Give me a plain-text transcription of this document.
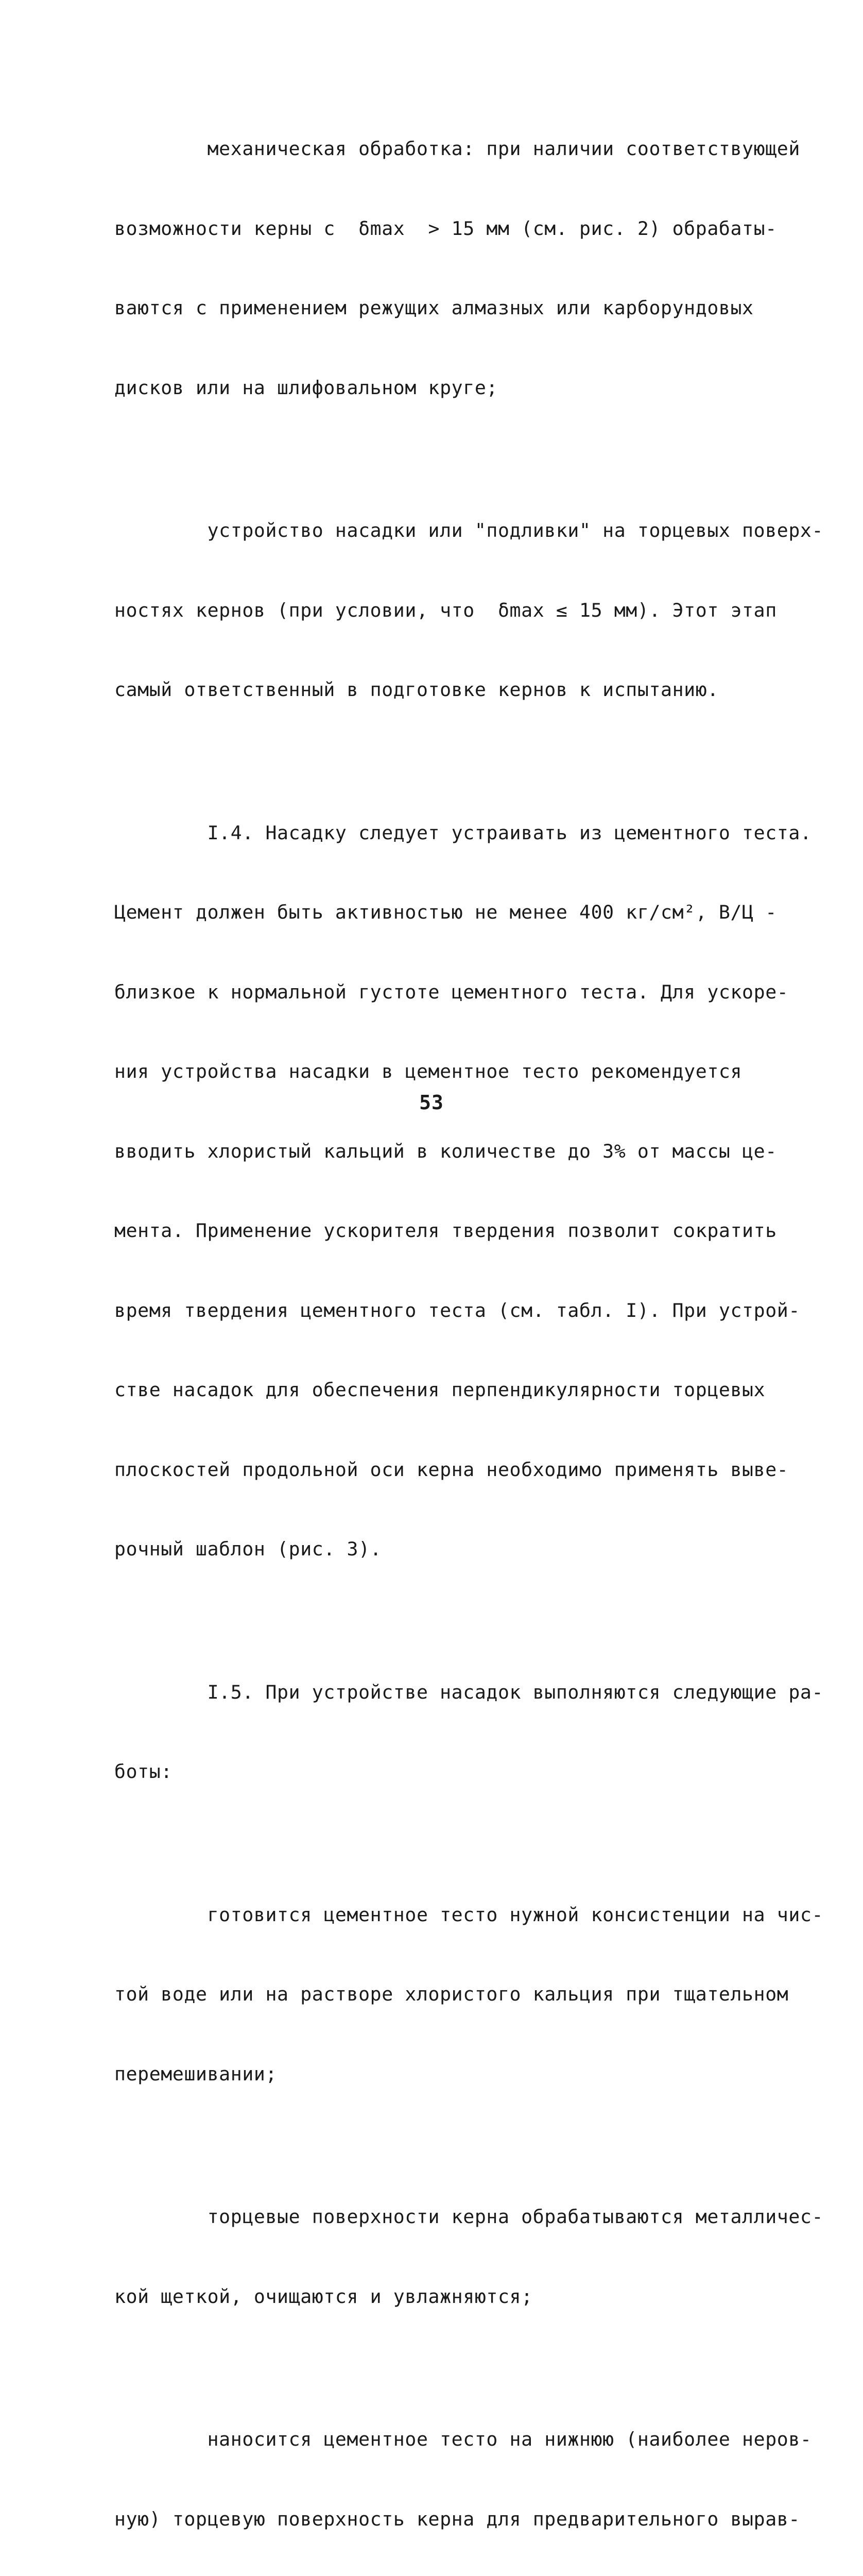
механическая обработка: при наличии соответствующей

возможности керны с  δmax  > 15 мм (см. рис. 2) обрабаты-

ваются с применением режущих алмазных или карборундовых

дисков или на шлифовальном круге;

устройство насадки или "подливки" на торцевых поверх-

ностях кернов (при условии, что  δmax ≤ 15 мм). Этот этап

самый ответственный в подготовке кернов к испытанию.

I.4. Насадку следует устраивать из цементного теста.

Цемент должен быть активностью не менее 400 кг/см², В/Ц -

близкое к нормальной густоте цементного теста. Для ускоре-

ния устройства насадки в цементное тесто рекомендуется

вводить хлористый кальций в количестве до 3% от массы це-

мента. Применение ускорителя твердения позволит сократить

время твердения цементного теста (см. табл. I). При устрой-

стве насадок для обеспечения перпендикулярности торцевых

плоскостей продольной оси керна необходимо применять выве-

рочный шаблон (рис. 3).

I.5. При устройстве насадок выполняются следующие ра-

боты:

готовится цементное тесто нужной консистенции на чис-

той воде или на растворе хлористого кальция при тщательном

перемешивании;

торцевые поверхности керна обрабатываются металличес-

кой щеткой, очищаются и увлажняются;

наносится цементное тесто на нижнюю (наиболее неров-

ную) торцевую поверхность керна для предварительного вырав-

53
